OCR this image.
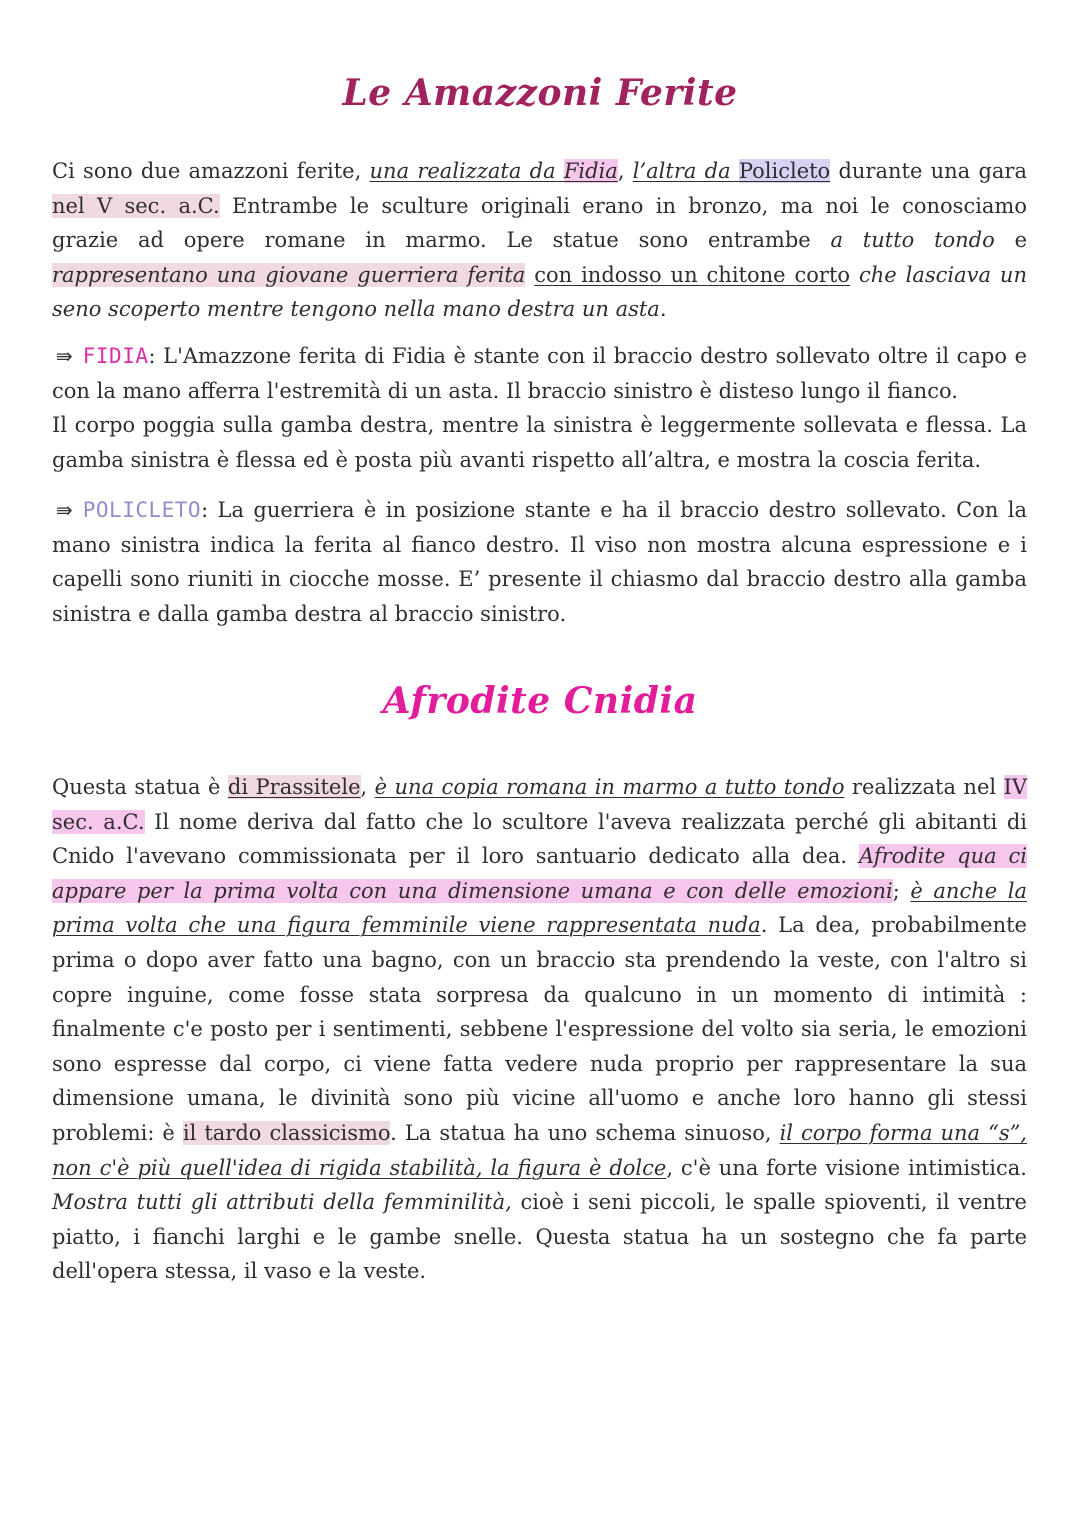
Le Amazzoni Ferite
Ci sono due amazzoni ferite, una realizzata da Fidia, l’altra da Policleto durante una gara
nel V sec. a.C. Entrambe le sculture originali erano in bronzo, ma noi le conosciamo
grazie ad opere romane in marmo. Le statue sono entrambe a tutto tondo e
rappresentano una giovane guerriera ferita con indosso un chitone corto che lasciava un
seno scoperto mentre tengono nella mano destra un asta.
⇛ FIDIA: L'Amazzone ferita di Fidia è stante con il braccio destro sollevato oltre il capo e con la mano afferra l'estremità di un asta. Il braccio sinistro è disteso lungo il fianco.
Il corpo poggia sulla gamba destra, mentre la sinistra è leggermente sollevata e flessa. La gamba sinistra è flessa ed è posta più avanti rispetto all’altra, e mostra la coscia ferita.
⇛ POLICLETO: La guerriera è in posizione stante e ha il braccio destro sollevato. Con la mano sinistra indica la ferita al fianco destro. Il viso non mostra alcuna espressione e i capelli sono riuniti in ciocche mosse. E’ presente il chiasmo dal braccio destro alla gamba sinistra e dalla gamba destra al braccio sinistro.
Afrodite Cnidia
Questa statua è di Prassitele, è una copia romana in marmo a tutto tondo realizzata nel IV sec. a.C. Il nome deriva dal fatto che lo scultore l'aveva realizzata perché gli abitanti di Cnido l'avevano commissionata per il loro santuario dedicato alla dea. Afrodite qua ci appare per la prima volta con una dimensione umana e con delle emozioni; è anche la prima volta che una figura femminile viene rappresentata nuda. La dea, probabilmente prima o dopo aver fatto una bagno, con un braccio sta prendendo la veste, con l'altro si copre inguine, come fosse stata sorpresa da qualcuno in un momento di intimità : finalmente c'e posto per i sentimenti, sebbene l'espressione del volto sia seria, le emozioni sono espresse dal corpo, ci viene fatta vedere nuda proprio per rappresentare la sua dimensione umana, le divinità sono più vicine all'uomo e anche loro hanno gli stessi problemi: è il tardo classicismo. La statua ha uno schema sinuoso, il corpo forma una “s”, non c'è più quell'idea di rigida stabilità, la figura è dolce, c'è una forte visione intimistica. Mostra tutti gli attributi della femminilità, cioè i seni piccoli, le spalle spioventi, il ventre piatto, i fianchi larghi e le gambe snelle. Questa statua ha un sostegno che fa parte dell'opera stessa, il vaso e la veste.
